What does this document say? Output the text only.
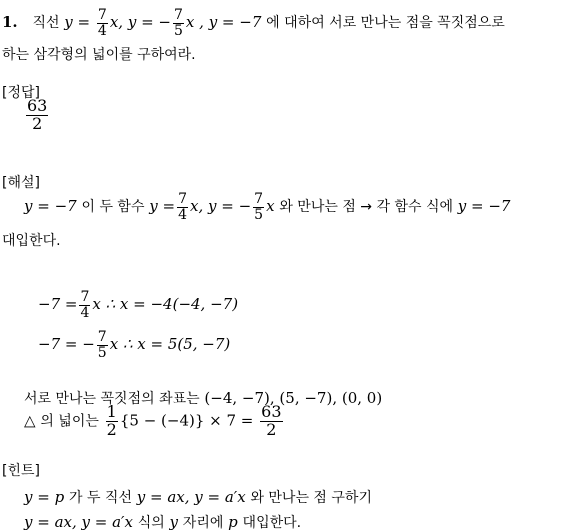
1. 직선 $y = \frac{7}{4} x$, y = − $\frac{7}{5}$ x , y = −7 에 대하여 서로 만나는 점을 꼭짓점으로
하는 삼각형의 넓이를 구하여라.
[정답]
$\frac{63}{2}$
[해설]
y = −7 이 두 함수 $y = \frac{7}{4} x$, y = − $\frac{7}{5}$ x 와 만나는 점 → 각 함수 식에 y = −7
대입한다.
$-7 = \frac{7}{4}$ x ∴ x = −4(−4, −7)
−7 = − $\frac{7}{5}$ x ∴ x = 5(5, −7)
서로 만나는 꼭짓점의 좌표는 (−4, −7), (5, −7), (0, 0)
△ 의 넓이는 $\frac{1}{2} \{5 - (-4)\} \times 7 = \frac{63}{2}$
[힌트]
y = p 가 두 직선 y = ax, y = a′x 와 만나는 점 구하기
y = ax, y = a′x 식의 y 자리에 p 대입한다.
